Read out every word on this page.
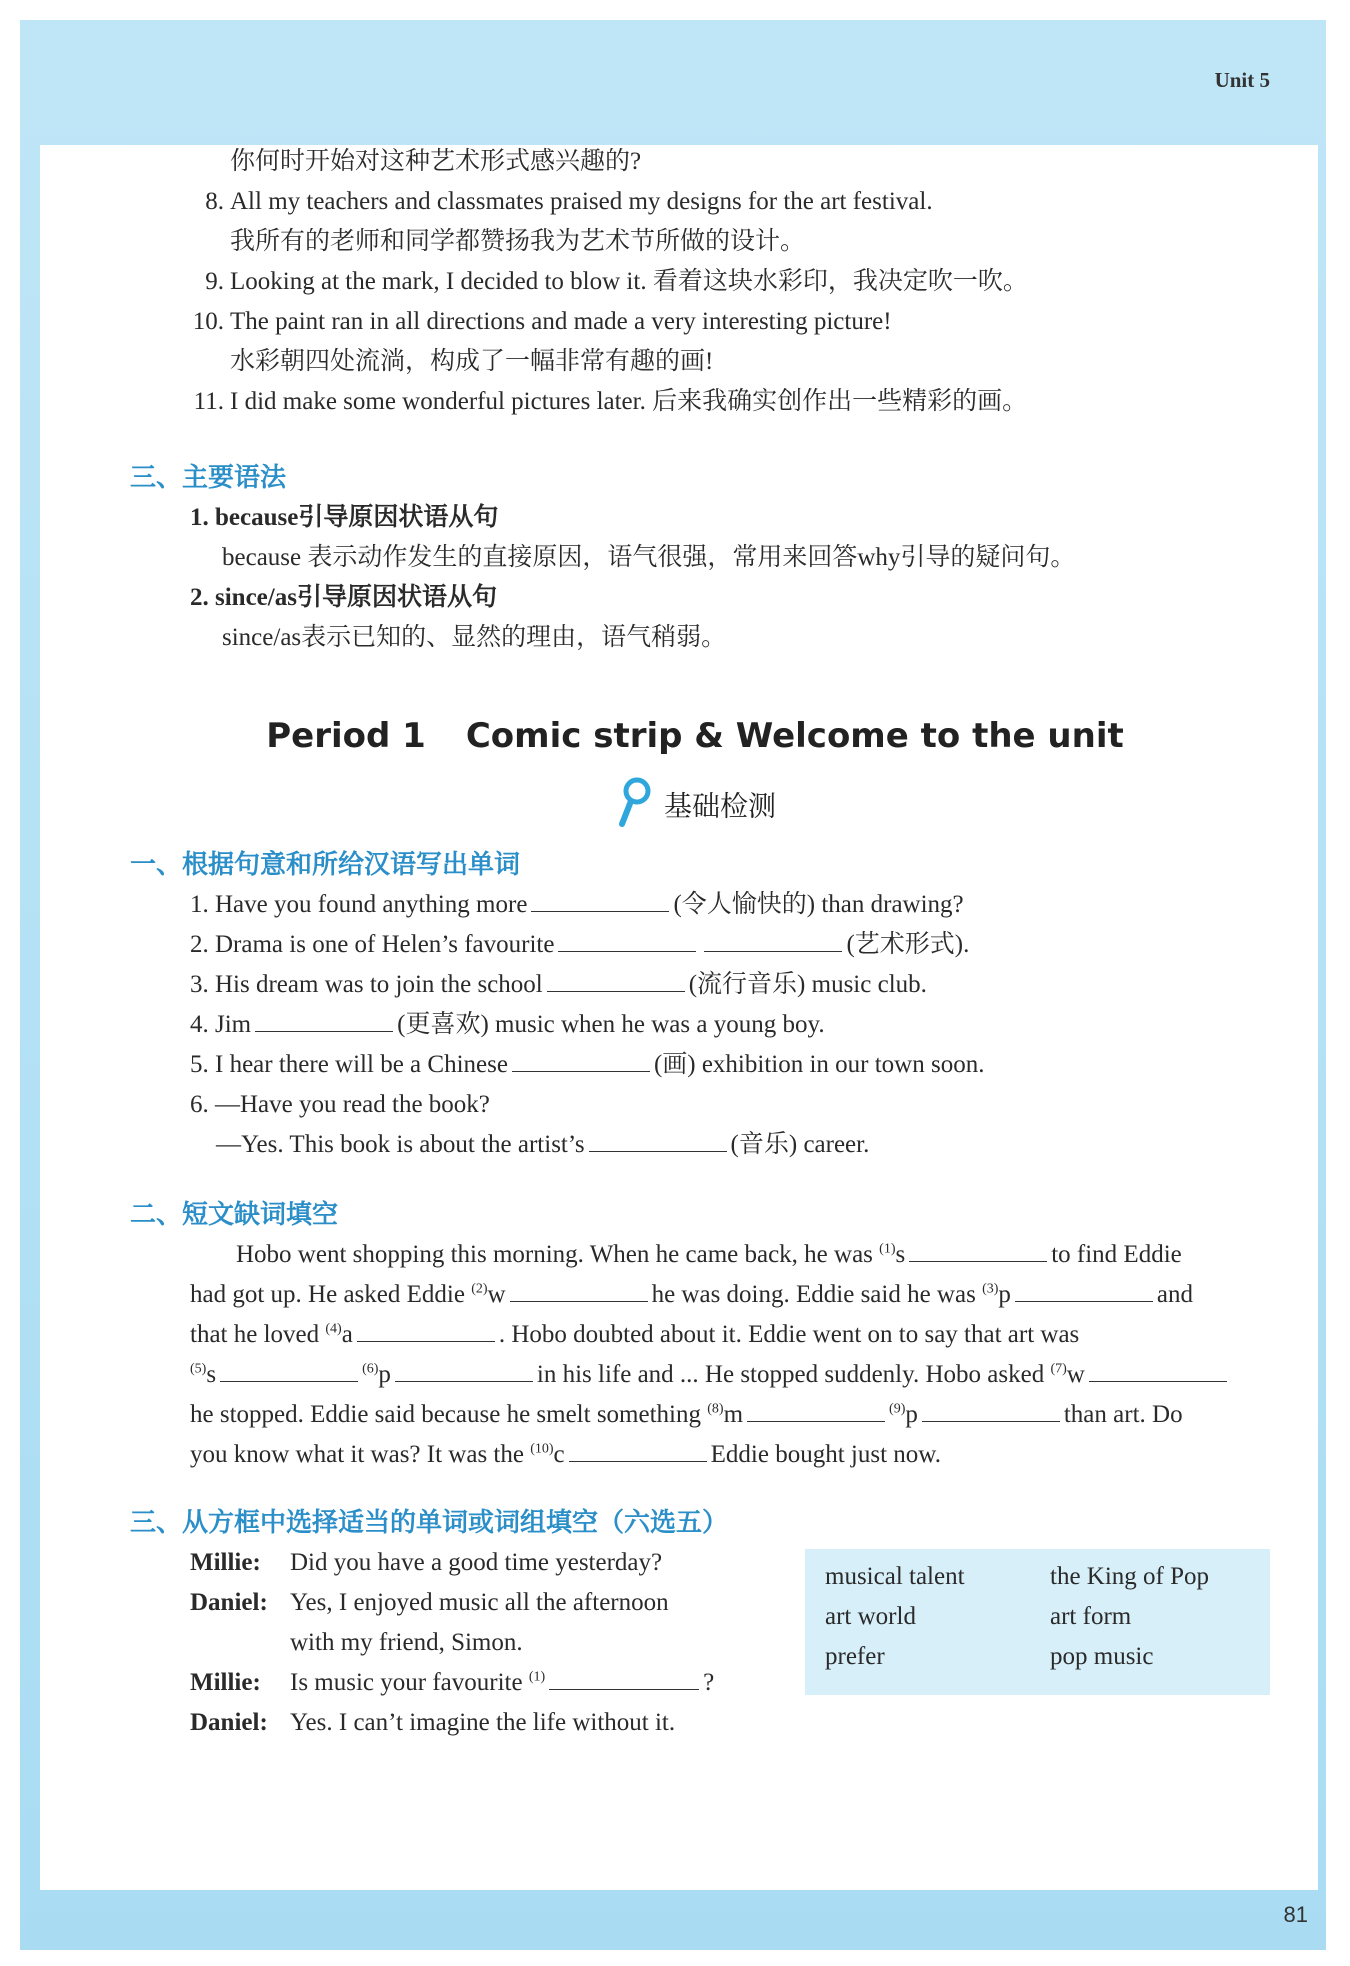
Unit 5
81
你何时开始对这种艺术形式感兴趣的?
8. All my teachers and classmates praised my designs for the art festival.
我所有的老师和同学都赞扬我为艺术节所做的设计。
9. Looking at the mark, I decided to blow it. 看着这块水彩印，我决定吹一吹。
10. The paint ran in all directions and made a very interesting picture!
水彩朝四处流淌，构成了一幅非常有趣的画!
11. I did make some wonderful pictures later. 后来我确实创作出一些精彩的画。
三、主要语法
1. because引导原因状语从句
because 表示动作发生的直接原因，语气很强，常用来回答why引导的疑问句。
2. since/as引导原因状语从句
since/as表示已知的、显然的理由，语气稍弱。
Period 1 Comic strip & Welcome to the unit
基础检测
一、根据句意和所给汉语写出单词
1. Have you found anything more	(令人愉快的) than drawing?
2. Drama is one of Helen’s favourite	(艺术形式).
3. His dream was to join the school	(流行音乐) music club.
4. Jim	(更喜欢) music when he was a young boy.
5. I hear there will be a Chinese	(画) exhibition in our town soon.
6. —Have you read the book?
—Yes. This book is about the artist’s	(音乐) career.
二、短文缺词填空
Hobo went shopping this morning. When he came back, he was $^{(1)}$s	to find Eddie
had got up. He asked Eddie $^{(2)}$w	he was doing. Eddie said he was $^{(3)}$p	and
that he loved $^{(4)}$a	. Hobo doubted about it. Eddie went on to say that art was
$^{(5)}$s	$^{(6)}$p	in his life and ... He stopped suddenly. Hobo asked $^{(7)}$w
he stopped. Eddie said because he smelt something $^{(8)}$m	$^{(9)}$p	than art. Do
you know what it was? It was the $^{(10)}$c	Eddie bought just now.
三、从方框中选择适当的单词或词组填空（六选五）
Millie:	Did you have a good time yesterday?
Daniel: Yes, I enjoyed music all the afternoon
with my friend, Simon.
Millie:	Is music your favourite $^{(1)}$	?
Daniel: Yes. I can’t imagine the life without it.
musical talent	the King of Pop
art world	art form
prefer	pop music
